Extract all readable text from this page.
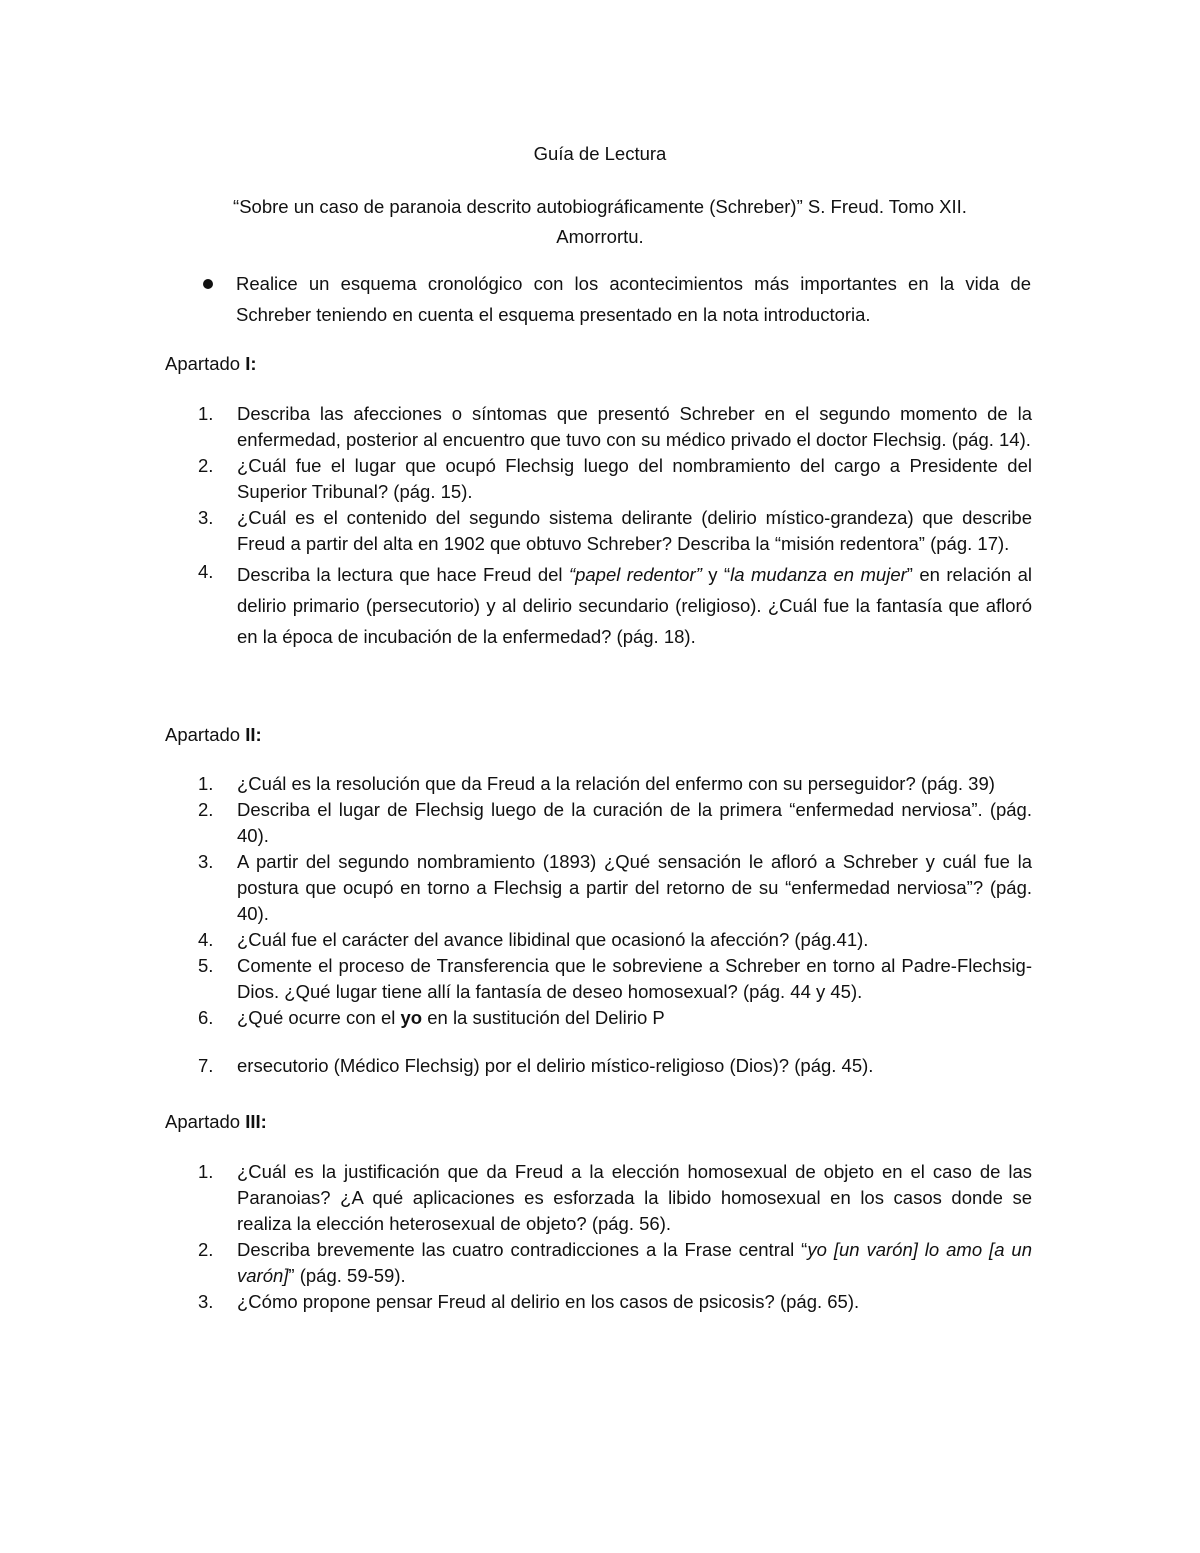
Guía de Lectura
“Sobre un caso de paranoia descrito autobiográficamente (Schreber)” S. Freud. Tomo XII.
Amorrortu.
Realice un esquema cronológico con los acontecimientos más importantes en la vida de Schreber teniendo en cuenta el esquema presentado en la nota introductoria.
Apartado I:
1.	Describa las afecciones o síntomas que presentó Schreber en el segundo momento de la enfermedad, posterior al encuentro que tuvo con su médico privado el doctor Flechsig. (pág. 14).
2.	¿Cuál fue el lugar que ocupó Flechsig luego del nombramiento del cargo a Presidente del Superior Tribunal? (pág. 15).
3.	¿Cuál es el contenido del segundo sistema delirante (delirio místico-grandeza) que describe Freud a partir del alta en 1902 que obtuvo Schreber? Describa la “misión redentora” (pág. 17).
4.	Describa la lectura que hace Freud del “papel redentor” y “la mudanza en mujer” en relación al delirio primario (persecutorio) y al delirio secundario (religioso). ¿Cuál fue la fantasía que afloró en la época de incubación de la enfermedad? (pág. 18).
Apartado II:
1.	¿Cuál es la resolución que da Freud a la relación del enfermo con su perseguidor? (pág. 39)
2.	Describa el lugar de Flechsig luego de la curación de la primera “enfermedad nerviosa”. (pág. 40).
3.	A partir del segundo nombramiento (1893) ¿Qué sensación le afloró a Schreber y cuál fue la postura que ocupó en torno a Flechsig a partir del retorno de su “enfermedad nerviosa”? (pág. 40).
4.	¿Cuál fue el carácter del avance libidinal que ocasionó la afección? (pág.41).
5.	Comente el proceso de Transferencia que le sobreviene a Schreber en torno al Padre-Flechsig-Dios. ¿Qué lugar tiene allí la fantasía de deseo homosexual? (pág. 44 y 45).
6.	¿Qué ocurre con el yo en la sustitución del Delirio P
7.	ersecutorio (Médico Flechsig) por el delirio místico-religioso (Dios)? (pág. 45).
Apartado III:
1.	¿Cuál es la justificación que da Freud a la elección homosexual de objeto en el caso de las Paranoias? ¿A qué aplicaciones es esforzada la libido homosexual en los casos donde se realiza la elección heterosexual de objeto? (pág. 56).
2.	Describa brevemente las cuatro contradicciones a la Frase central “yo [un varón] lo amo [a un varón]” (pág. 59-59).
3.	¿Cómo propone pensar Freud al delirio en los casos de psicosis? (pág. 65).
